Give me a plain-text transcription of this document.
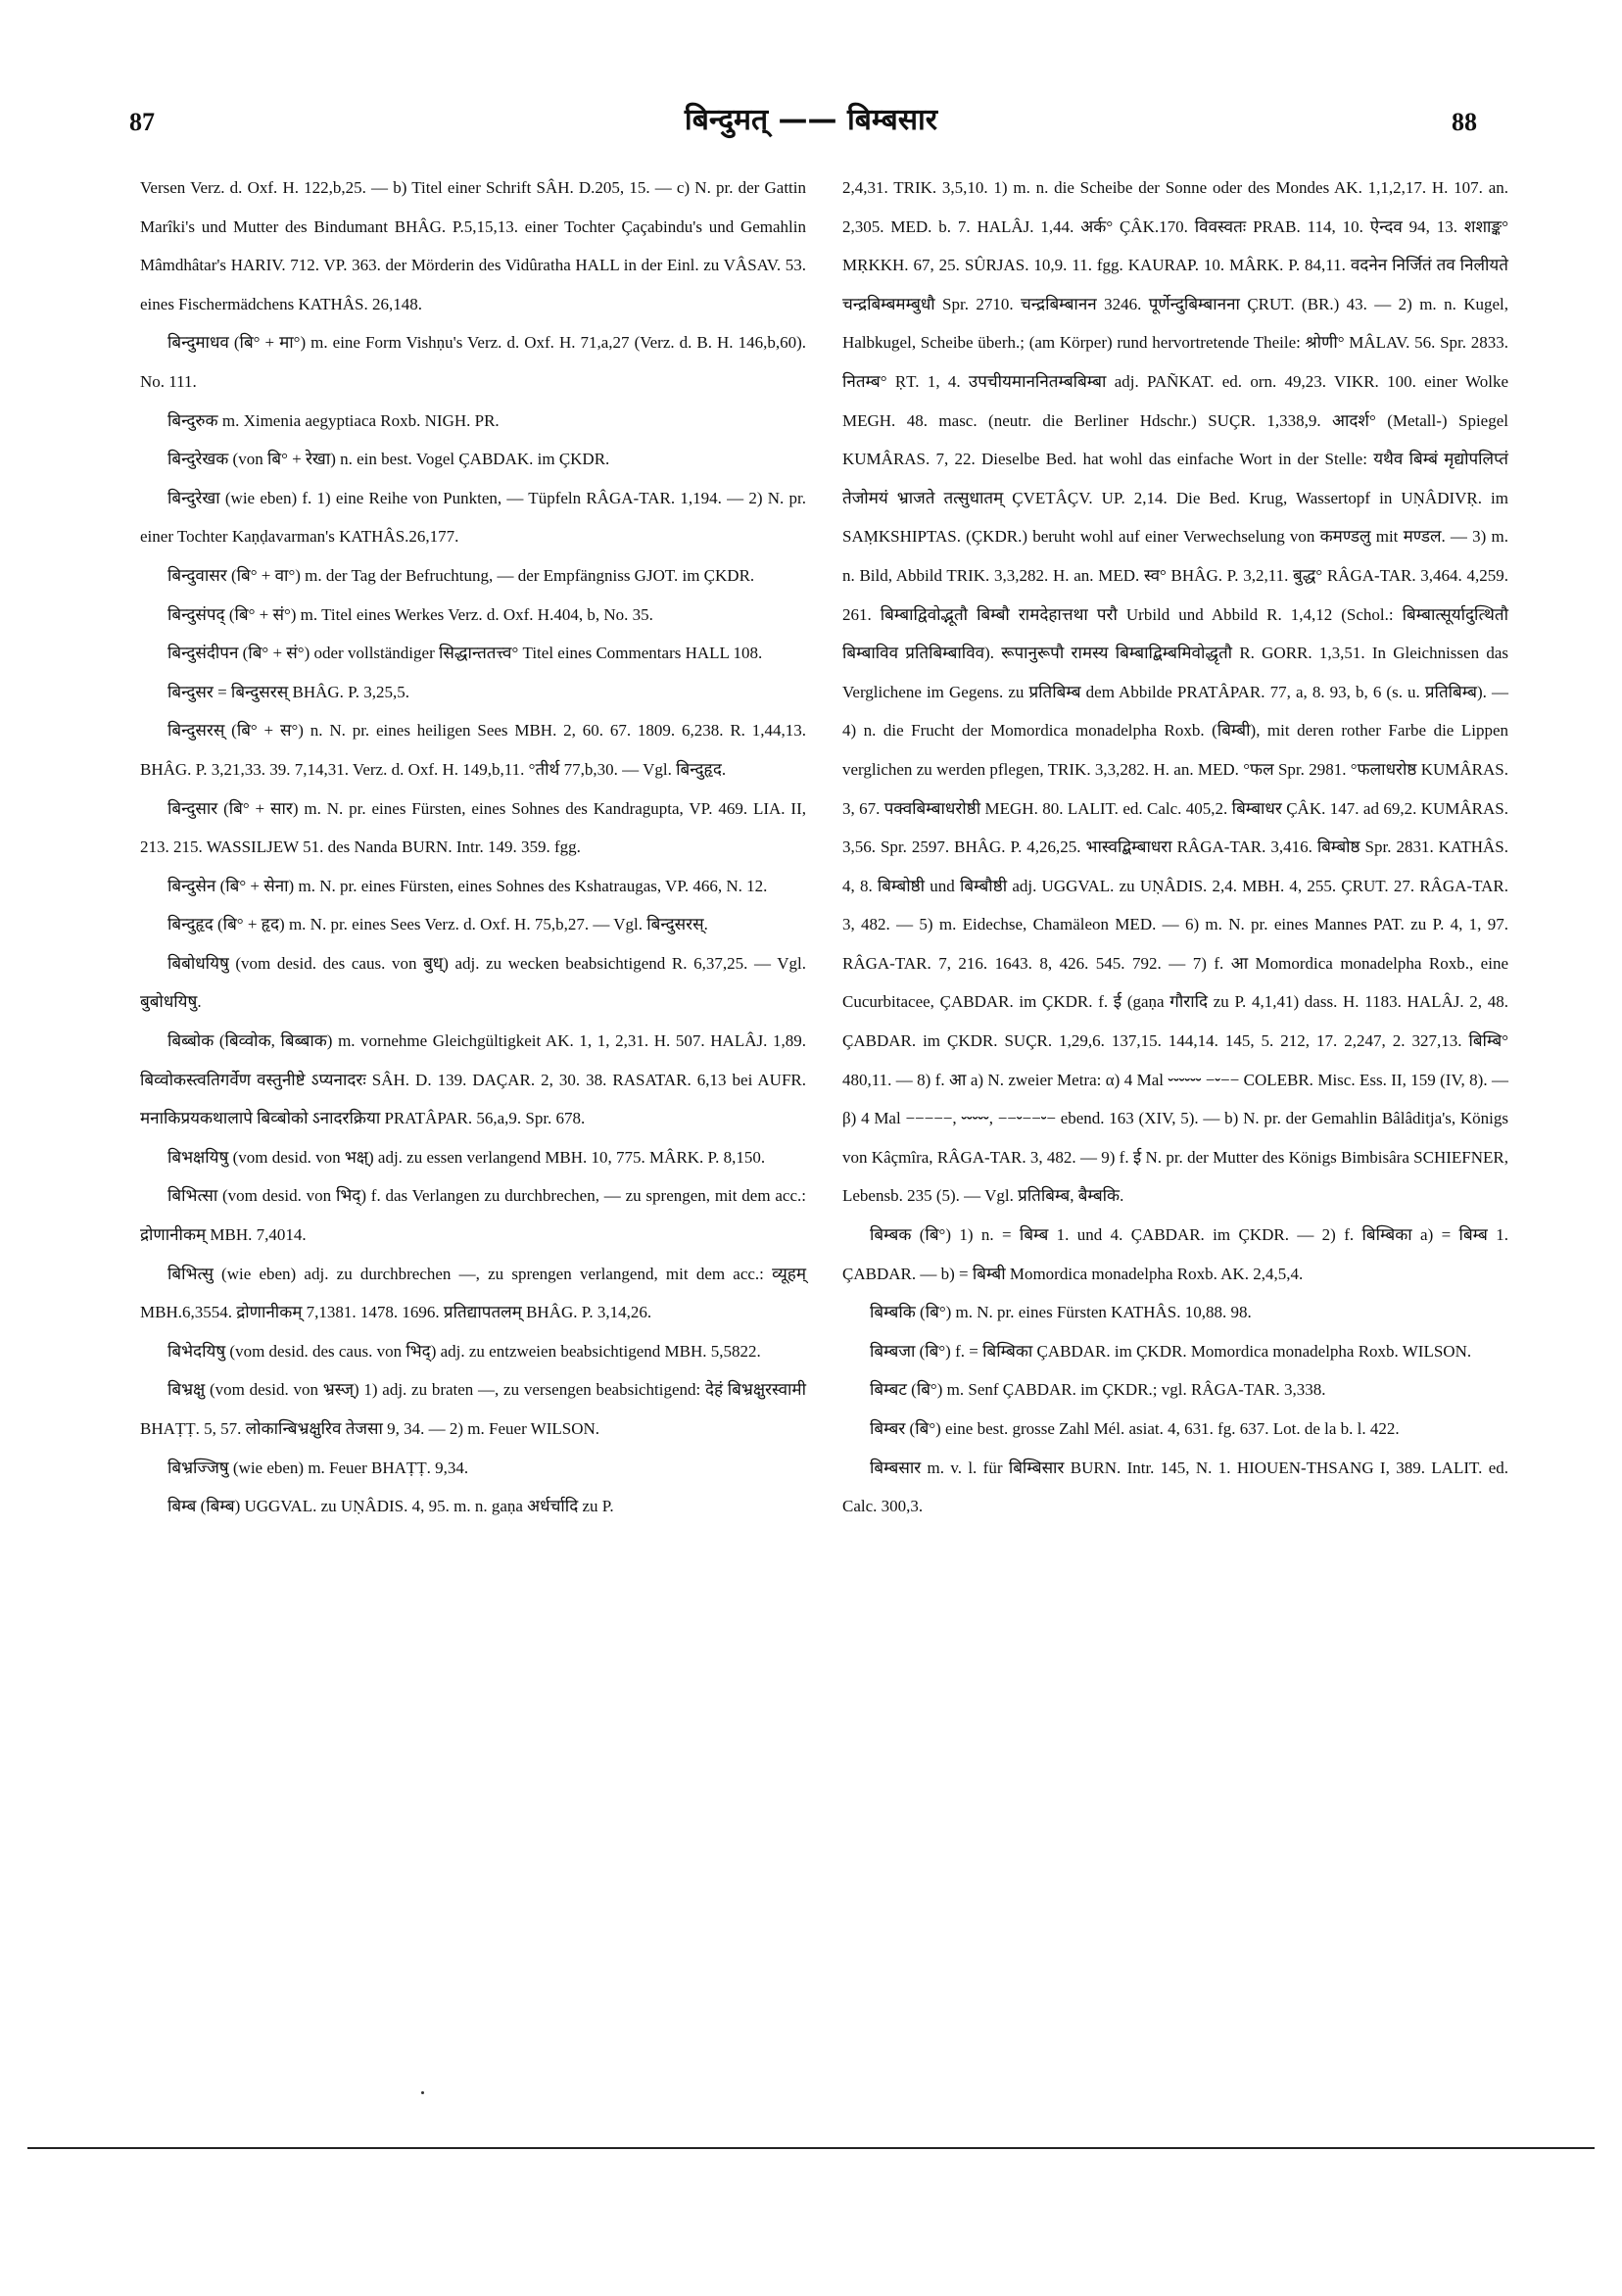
87	बिन्दुमत् —— बिम्बसार	88

Versen Verz. d. Oxf. H. 122,b,25. — b) Titel einer Schrift SÂH. D.205, 15. — c) N. pr. der Gattin Marîki's und Mutter des Bindumant BHÂG. P.5,15,13. einer Tochter Çaçabindu's und Gemahlin Mâmdhâtar's HARIV. 712. VP. 363. der Mörderin des Vidûratha HALL in der Einl. zu VÂSAV. 53. eines Fischermädchens KATHÂS. 26,148.

बिन्दुमाधव (बि° + मा°) m. eine Form Vishṇu's Verz. d. Oxf. H. 71,a,27 (Verz. d. B. H. 146,b,60). No. 111.

बिन्दुरुक m. Ximenia aegyptiaca Roxb. NIGH. PR.

बिन्दुरेखक (von बि° + रेखा) n. ein best. Vogel ÇABDAK. im ÇKDR.

बिन्दुरेखा (wie eben) f. 1) eine Reihe von Punkten, — Tüpfeln RÂGA-TAR. 1,194. — 2) N. pr. einer Tochter Kaṇḍavarman's KATHÂS.26,177.

बिन्दुवासर (बि° + वा°) m. der Tag der Befruchtung, — der Empfängniss GJOT. im ÇKDR.

बिन्दुसंपद् (बि° + सं°) m. Titel eines Werkes Verz. d. Oxf. H.404, b, No. 35.

बिन्दुसंदीपन (बि° + सं°) oder vollständiger सिद्धान्ततत्त्व° Titel eines Commentars HALL 108.

बिन्दुसर = बिन्दुसरस् BHÂG. P. 3,25,5.

बिन्दुसरस् (बि° + स°) n. N. pr. eines heiligen Sees MBH. 2, 60. 67. 1809. 6,238. R. 1,44,13. BHÂG. P. 3,21,33. 39. 7,14,31. Verz. d. Oxf. H. 149,b,11. °तीर्थ 77,b,30. — Vgl. बिन्दुहृद.

बिन्दुसार (बि° + सार) m. N. pr. eines Fürsten, eines Sohnes des Kandragupta, VP. 469. LIA. II, 213. 215. WASSILJEW 51. des Nanda BURN. Intr. 149. 359. fgg.

बिन्दुसेन (बि° + सेना) m. N. pr. eines Fürsten, eines Sohnes des Kshatraugas, VP. 466, N. 12.

बिन्दुहृद (बि° + हृद) m. N. pr. eines Sees Verz. d. Oxf. H. 75,b,27. — Vgl. बिन्दुसरस्.

बिबोधयिषु (vom desid. des caus. von बुध्) adj. zu wecken beabsichtigend R. 6,37,25. — Vgl. बुबोधयिषु.

बिब्बोक (बिव्वोक, बिब्बाक) m. vornehme Gleichgültigkeit AK. 1, 1, 2,31. H. 507. HALÂJ. 1,89. बिव्वोकस्त्वतिगर्वेण वस्तुनीष्टे ऽप्यनादरः SÂH. D. 139. DAÇAR. 2, 30. 38. RASATAR. 6,13 bei AUFR. मनाकिप्रयकथालापे बिव्बोको ऽनादरक्रिया PRATÂPAR. 56,a,9. Spr. 678.

बिभक्षयिषु (vom desid. von भक्ष्) adj. zu essen verlangend MBH. 10, 775. MÂRK. P. 8,150.

बिभित्सा (vom desid. von भिद्) f. das Verlangen zu durchbrechen, — zu sprengen, mit dem acc.: द्रोणानीकम् MBH. 7,4014.

बिभित्सु (wie eben) adj. zu durchbrechen —, zu sprengen verlangend, mit dem acc.: व्यूहम् MBH.6,3554. द्रोणानीकम् 7,1381. 1478. 1696. प्रतिद्यापतलम् BHÂG. P. 3,14,26.

बिभेदयिषु (vom desid. des caus. von भिद्) adj. zu entzweien beabsichtigend MBH. 5,5822.

बिभ्रक्षु (vom desid. von भ्रस्ज्) 1) adj. zu braten —, zu versengen beabsichtigend: देहं बिभ्रक्षुरस्वामी BHAṬṬ. 5, 57. लोकान्बिभ्रक्षुरिव तेजसा 9, 34. — 2) m. Feuer WILSON.

बिभ्रज्जिषु (wie eben) m. Feuer BHAṬṬ. 9,34.

बिम्ब (बिम्ब) UGGVAL. zu UṆÂDIS. 4, 95. m. n. gaṇa अर्धर्चादि zu P.

2,4,31. TRIK. 3,5,10. 1) m. n. die Scheibe der Sonne oder des Mondes AK. 1,1,2,17. H. 107. an. 2,305. MED. b. 7. HALÂJ. 1,44. अर्क° ÇÂK.170. विवस्वतः PRAB. 114, 10. ऐन्दव 94, 13. शशाङ्क° MṚKKH. 67, 25. SÛRJAS. 10,9. 11. fgg. KAURAP. 10. MÂRK. P. 84,11. वदनेन निर्जितं तव निलीयते चन्द्रबिम्बमम्बुधौ Spr. 2710. चन्द्रबिम्बानन 3246. पूर्णेन्दुबिम्बानना ÇRUT. (BR.) 43. — 2) m. n. Kugel, Halbkugel, Scheibe überh.; (am Körper) rund hervortretende Theile: श्रोणी° MÂLAV. 56. Spr. 2833. नितम्ब° ṚT. 1, 4. उपचीयमाननितम्बबिम्बा adj. PAÑKAT. ed. orn. 49,23. VIKR. 100. einer Wolke MEGH. 48. masc. (neutr. die Berliner Hdschr.) SUÇR. 1,338,9. आदर्श° (Metall-) Spiegel KUMÂRAS. 7, 22. Dieselbe Bed. hat wohl das einfache Wort in der Stelle: यथैव बिम्बं मृद्योपलिप्तं तेजोमयं भ्राजते तत्सुधातम् ÇVETÂÇV. UP. 2,14. Die Bed. Krug, Wassertopf in UṆÂDIVṚ. im SAṂKSHIPTAS. (ÇKDR.) beruht wohl auf einer Verwechselung von कमण्डलु mit मण्डल. — 3) m. n. Bild, Abbild TRIK. 3,3,282. H. an. MED. स्व° BHÂG. P. 3,2,11. बुद्ध° RÂGA-TAR. 3,464. 4,259. 261. बिम्बाद्विवोद्भूतौ बिम्बौ रामदेहात्तथा परौ Urbild und Abbild R. 1,4,12 (Schol.: बिम्बात्सूर्यादुत्थितौ बिम्बाविव प्रतिबिम्बाविव). रूपानुरूपौ रामस्य बिम्बाद्बिम्बमिवोद्धृतौ R. GORR. 1,3,51. In Gleichnissen das Verglichene im Gegens. zu प्रतिबिम्ब dem Abbilde PRATÂPAR. 77, a, 8. 93, b, 6 (s. u. प्रतिबिम्ब). — 4) n. die Frucht der Momordica monadelpha Roxb. (बिम्बी), mit deren rother Farbe die Lippen verglichen zu werden pflegen, TRIK. 3,3,282. H. an. MED. °फल Spr. 2981. °फलाधरोष्ठ KUMÂRAS. 3, 67. पक्वबिम्बाधरोष्ठी MEGH. 80. LALIT. ed. Calc. 405,2. बिम्बाधर ÇÂK. 147. ad 69,2. KUMÂRAS. 3,56. Spr. 2597. BHÂG. P. 4,26,25. भास्वद्बिम्बाधरा RÂGA-TAR. 3,416. बिम्बोष्ठ Spr. 2831. KATHÂS. 4, 8. बिम्बोष्ठी und बिम्बौष्ठी adj. UGGVAL. zu UṆÂDIS. 2,4. MBH. 4, 255. ÇRUT. 27. RÂGA-TAR. 3, 482. — 5) m. Eidechse, Chamäleon MED. — 6) m. N. pr. eines Mannes PAT. zu P. 4, 1, 97. RÂGA-TAR. 7, 216. 1643. 8, 426. 545. 792. — 7) f. आ Momordica monadelpha Roxb., eine Cucurbitacee, ÇABDAR. im ÇKDR. f. ई (gaṇa गौरादि zu P. 4,1,41) dass. H. 1183. HALÂJ. 2, 48. ÇABDAR. im ÇKDR. SUÇR. 1,29,6. 137,15. 144,14. 145, 5. 212, 17. 2,247, 2. 327,13. बिम्बि° 480,11. — 8) f. आ a) N. zweier Metra: α) 4 Mal ⏑⏑⏑⏑⏑⏑ −⏑−− COLEBR. Misc. Ess. II, 159 (IV, 8). — β) 4 Mal −−−−−, ⏑⏑⏑⏑⏑, −−⏑−−⏑− ebend. 163 (XIV, 5). — b) N. pr. der Gemahlin Bâlâditja's, Königs von Kâçmîra, RÂGA-TAR. 3, 482. — 9) f. ई N. pr. der Mutter des Königs Bimbisâra SCHIEFNER, Lebensb. 235 (5). — Vgl. प्रतिबिम्ब, बैम्बकि.

बिम्बक (बि°) 1) n. = बिम्ब 1. und 4. ÇABDAR. im ÇKDR. — 2) f. बिम्बिका a) = बिम्ब 1. ÇABDAR. — b) = बिम्बी Momordica monadelpha Roxb. AK. 2,4,5,4.

बिम्बकि (बि°) m. N. pr. eines Fürsten KATHÂS. 10,88. 98.

बिम्बजा (बि°) f. = बिम्बिका ÇABDAR. im ÇKDR. Momordica monadelpha Roxb. WILSON.

बिम्बट (बि°) m. Senf ÇABDAR. im ÇKDR.; vgl. RÂGA-TAR. 3,338.

बिम्बर (बि°) eine best. grosse Zahl Mél. asiat. 4, 631. fg. 637. Lot. de la b. l. 422.

बिम्बसार m. v. l. für बिम्बिसार BURN. Intr. 145, N. 1. HIOUEN-THSANG I, 389. LALIT. ed. Calc. 300,3.
